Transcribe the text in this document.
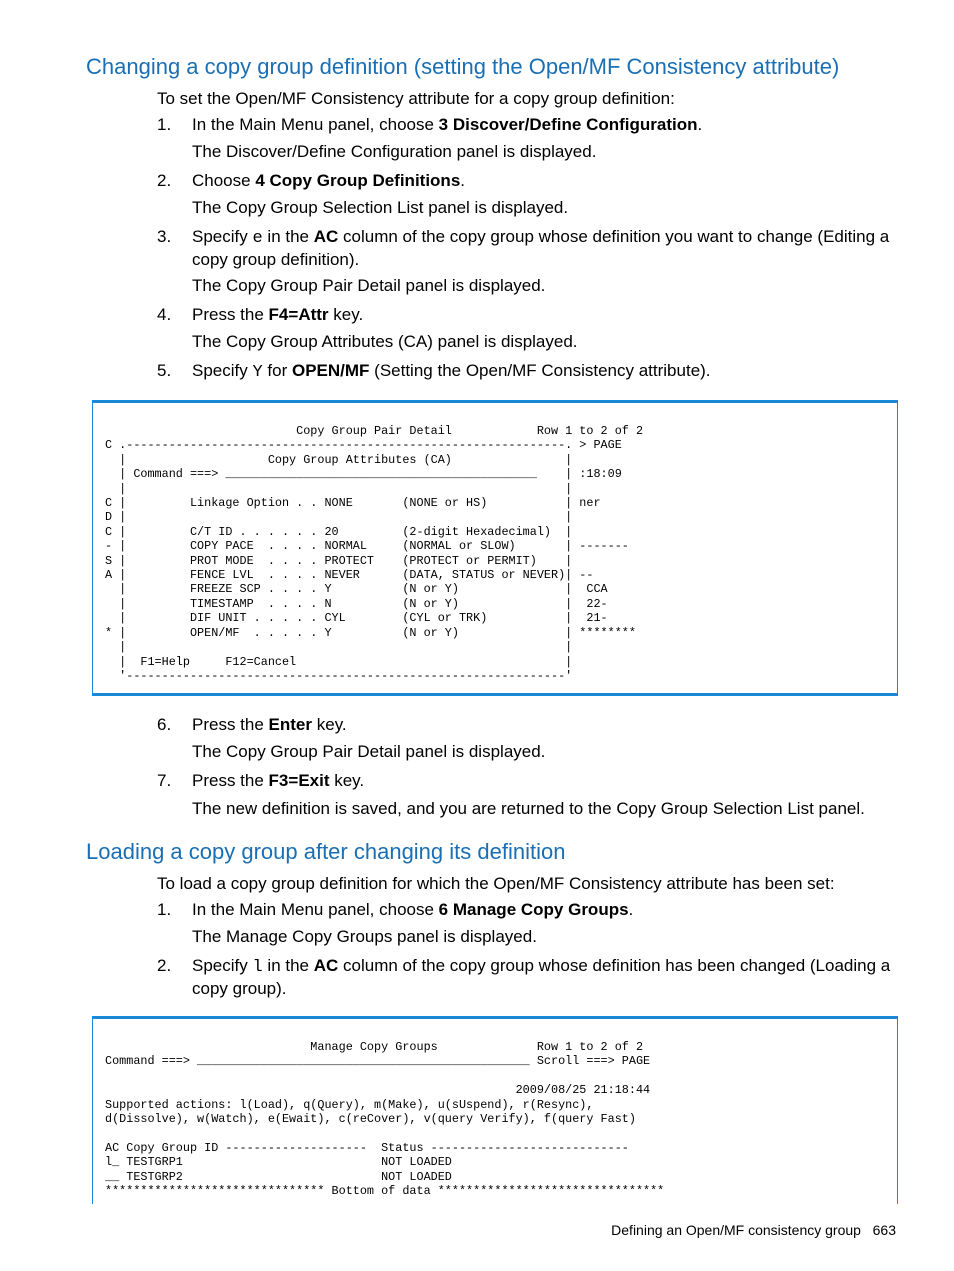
Changing a copy group definition (setting the Open/MF Consistency attribute)
To set the Open/MF Consistency attribute for a copy group definition:
1. In the Main Menu panel, choose 3 Discover/Define Configuration.
The Discover/Define Configuration panel is displayed.
2. Choose 4 Copy Group Definitions.
The Copy Group Selection List panel is displayed.
3. Specify e in the AC column of the copy group whose definition you want to change (Editing a copy group definition).
The Copy Group Pair Detail panel is displayed.
4. Press the F4=Attr key.
The Copy Group Attributes (CA) panel is displayed.
5. Specify Y for OPEN/MF (Setting the Open/MF Consistency attribute).
Copy Group Pair Detail            Row 1 to 2 of 2
C .--------------------------------------------------------------. > PAGE
|                    Copy Group Attributes (CA)                |
| Command ===> ____________________________________________    | :18:09
|                                                              |
C |         Linkage Option . . NONE       (NONE or HS)           | ner
D |                                                              |
C |         C/T ID . . . . . . 20         (2-digit Hexadecimal)  |
- |         COPY PACE  . . . . NORMAL     (NORMAL or SLOW)       | -------
S |         PROT MODE  . . . . PROTECT    (PROTECT or PERMIT)    |
A |         FENCE LVL  . . . . NEVER      (DATA, STATUS or NEVER)| --
|         FREEZE SCP . . . . Y          (N or Y)               |  CCA
|         TIMESTAMP  . . . . N          (N or Y)               |  22-
|         DIF UNIT . . . . . CYL        (CYL or TRK)           |  21-
* |         OPEN/MF  . . . . . Y          (N or Y)               | ********
|                                                              |
|  F1=Help     F12=Cancel                                      |
'--------------------------------------------------------------'
6. Press the Enter key.
The Copy Group Pair Detail panel is displayed.
7. Press the F3=Exit key.
The new definition is saved, and you are returned to the Copy Group Selection List panel.
Loading a copy group after changing its definition
To load a copy group definition for which the Open/MF Consistency attribute has been set:
1. In the Main Menu panel, choose 6 Manage Copy Groups.
The Manage Copy Groups panel is displayed.
2. Specify l in the AC column of the copy group whose definition has been changed (Loading a copy group).
Manage Copy Groups              Row 1 to 2 of 2
Command ===> _______________________________________________ Scroll ===> PAGE

2009/08/25 21:18:44
Supported actions: l(Load), q(Query), m(Make), u(sUspend), r(Resync),
d(Dissolve), w(Watch), e(Ewait), c(reCover), v(query Verify), f(query Fast)

AC Copy Group ID --------------------  Status ----------------------------
l_ TESTGRP1                            NOT LOADED
__ TESTGRP2                            NOT LOADED
******************************* Bottom of data ********************************
Defining an Open/MF consistency group 663
